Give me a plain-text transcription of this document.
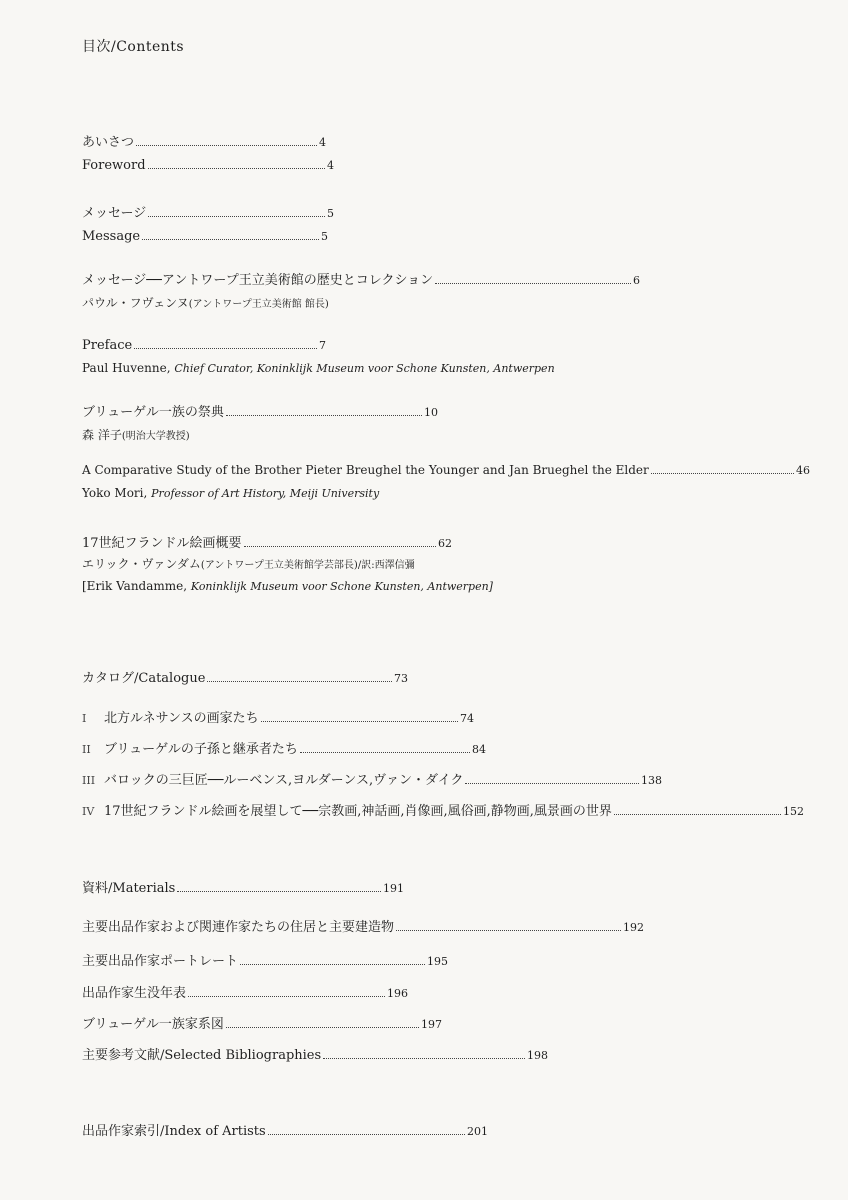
目次/Contents
あいさつ	4
Foreword	4
メッセージ	5
Message	5
メッセージ──アントワープ王立美術館の歴史とコレクション	6
パウル・フヴェンヌ(アントワープ王立美術館 館長)
Preface	7
Paul Huvenne, Chief Curator, Koninklijk Museum voor Schone Kunsten, Antwerpen
ブリューゲル一族の祭典	10
森 洋子(明治大学教授)
A Comparative Study of the Brother Pieter Breughel the Younger and Jan Brueghel the Elder	46
Yoko Mori, Professor of Art History, Meiji University
17世紀フランドル絵画概要	62
エリック・ヴァンダム(アントワープ王立美術館学芸部長)/訳:西澤信彌
[Erik Vandamme, Koninklijk Museum voor Schone Kunsten, Antwerpen]
カタログ/Catalogue	73
I	北方ルネサンスの画家たち	74
II	ブリューゲルの子孫と継承者たち	84
III バロックの三巨匠──ルーベンス,ヨルダーンス,ヴァン・ダイク	138
IV 17世紀フランドル絵画を展望して──宗教画,神話画,肖像画,風俗画,静物画,風景画の世界	152
資料/Materials	191
主要出品作家および関連作家たちの住居と主要建造物	192
主要出品作家ポートレート	195
出品作家生没年表	196
ブリューゲル一族家系図	197
主要参考文献/Selected Bibliographies	198
出品作家索引/Index of Artists	201
